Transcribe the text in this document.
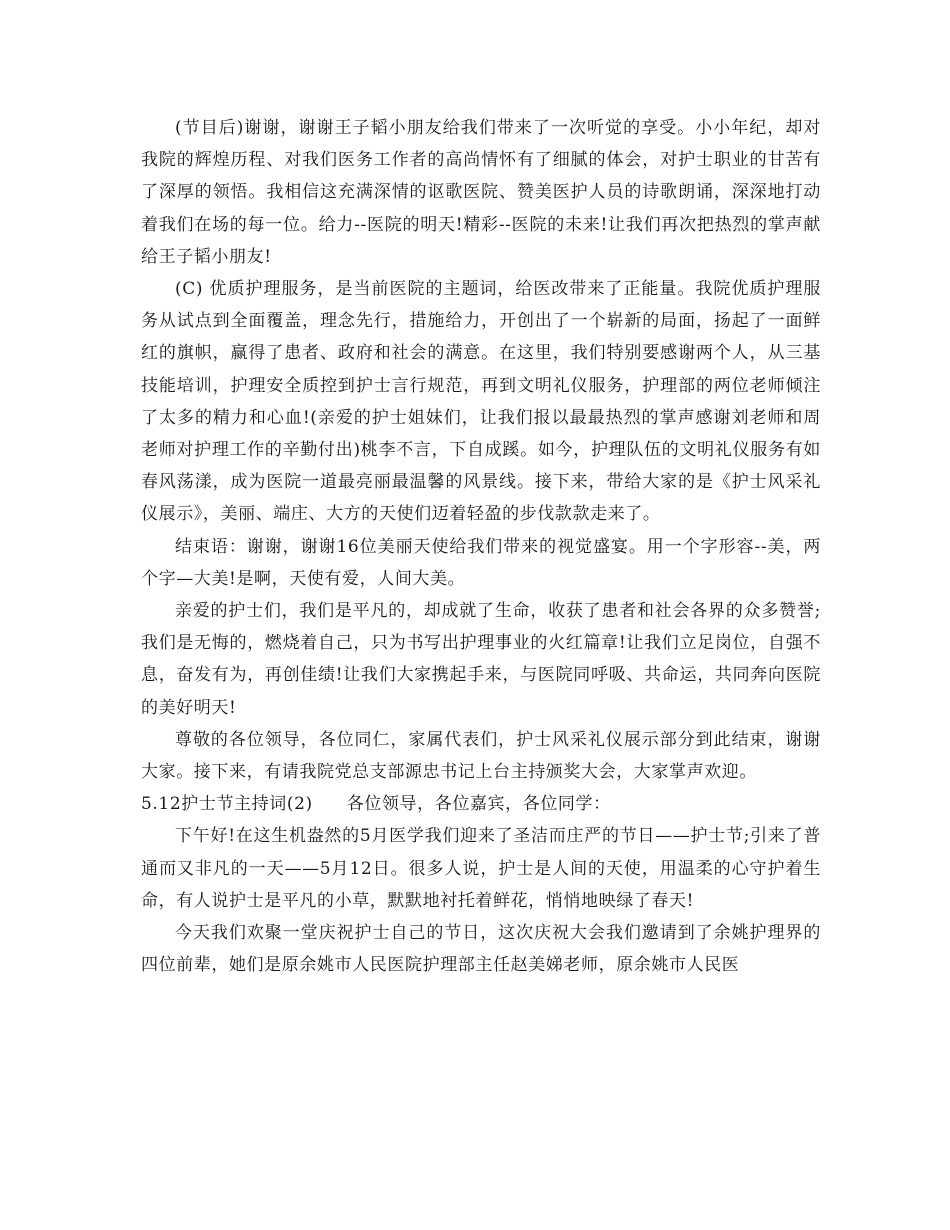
(节目后)谢谢，谢谢王子韬小朋友给我们带来了一次听觉的享受。小小年纪，却对我院的辉煌历程、对我们医务工作者的高尚情怀有了细腻的体会，对护士职业的甘苦有了深厚的领悟。我相信这充满深情的讴歌医院、赞美医护人员的诗歌朗诵，深深地打动着我们在场的每一位。给力--医院的明天!精彩--医院的未来!让我们再次把热烈的掌声献给王子韬小朋友!

(C) 优质护理服务，是当前医院的主题词，给医改带来了正能量。我院优质护理服务从试点到全面覆盖，理念先行，措施给力，开创出了一个崭新的局面，扬起了一面鲜红的旗帜，赢得了患者、政府和社会的满意。在这里，我们特别要感谢两个人，从三基技能培训，护理安全质控到护士言行规范，再到文明礼仪服务，护理部的两位老师倾注了太多的精力和心血!(亲爱的护士姐妹们，让我们报以最最热烈的掌声感谢刘老师和周老师对护理工作的辛勤付出)桃李不言，下自成蹊。如今，护理队伍的文明礼仪服务有如春风荡漾，成为医院一道最亮丽最温馨的风景线。接下来，带给大家的是《护士风采礼仪展示》，美丽、端庄、大方的天使们迈着轻盈的步伐款款走来了。

结束语：谢谢，谢谢16位美丽天使给我们带来的视觉盛宴。用一个字形容--美，两个字—大美!是啊，天使有爱，人间大美。

亲爱的护士们，我们是平凡的，却成就了生命，收获了患者和社会各界的众多赞誉;我们是无悔的，燃烧着自己，只为书写出护理事业的火红篇章!让我们立足岗位，自强不息，奋发有为，再创佳绩!让我们大家携起手来，与医院同呼吸、共命运，共同奔向医院的美好明天!

尊敬的各位领导，各位同仁，家属代表们，护士风采礼仪展示部分到此结束，谢谢大家。接下来，有请我院党总支部源忠书记上台主持颁奖大会，大家掌声欢迎。

5.12护士节主持词(2) 各位领导，各位嘉宾，各位同学：

下午好!在这生机盎然的5月医学我们迎来了圣洁而庄严的节日——护士节;引来了普通而又非凡的一天——5月12日。很多人说，护士是人间的天使，用温柔的心守护着生命，有人说护士是平凡的小草，默默地衬托着鲜花，悄悄地映绿了春天!

今天我们欢聚一堂庆祝护士自己的节日，这次庆祝大会我们邀请到了余姚护理界的四位前辈，她们是原余姚市人民医院护理部主任赵美娣老师，原余姚市人民医
